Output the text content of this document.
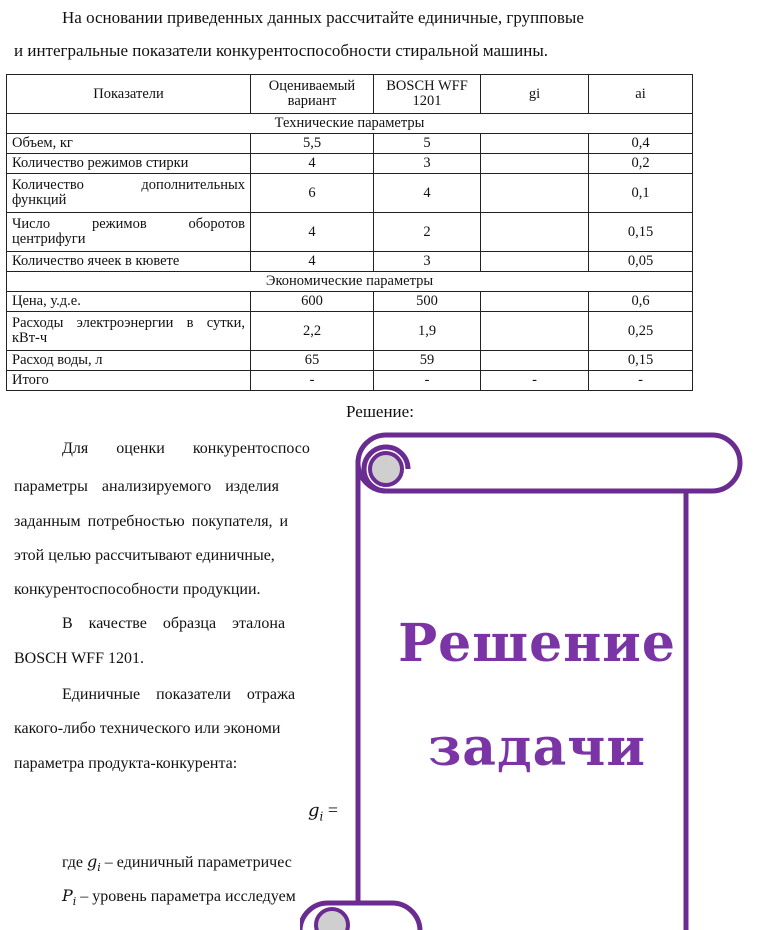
На основании приведенных данных рассчитайте единичные, групповые
и интегральные показатели конкурентоспособности стиральной машины.
Показатели	Оцениваемый вариант	BOSCH WFF 1201	gi	ai
Технические параметры				
Объем, кг	5,5	5		0,4
Количество режимов стирки	4	3		0,2
Количество дополнительных функций	6	4		0,1
Число режимов оборотов центрифуги	4	2		0,15
Количество ячеек в кювете	4	3		0,05
Экономические параметры				
Цена, у.д.е.	600	500		0,6
Расходы электроэнергии в сутки, кВт-ч	2,2	1,9		0,25
Расход воды, л	65	59		0,15
Итого	-	-	-	-
Решение:
Для оценки конкурентоспосо
параметры анализируемого изделия
заданным потребностью покупателя, и
этой целью рассчитывают единичные,
конкурентоспособности продукции.
В качестве образца эталона
BOSCH WFF 1201.
Единичные показатели отража
какого-либо технического или экономи
параметра продукта-конкурента:
$g_i$ =
где $g_i$ – единичный параметричес
$P_i$ – уровень параметра исследуем
Решение
задачи
